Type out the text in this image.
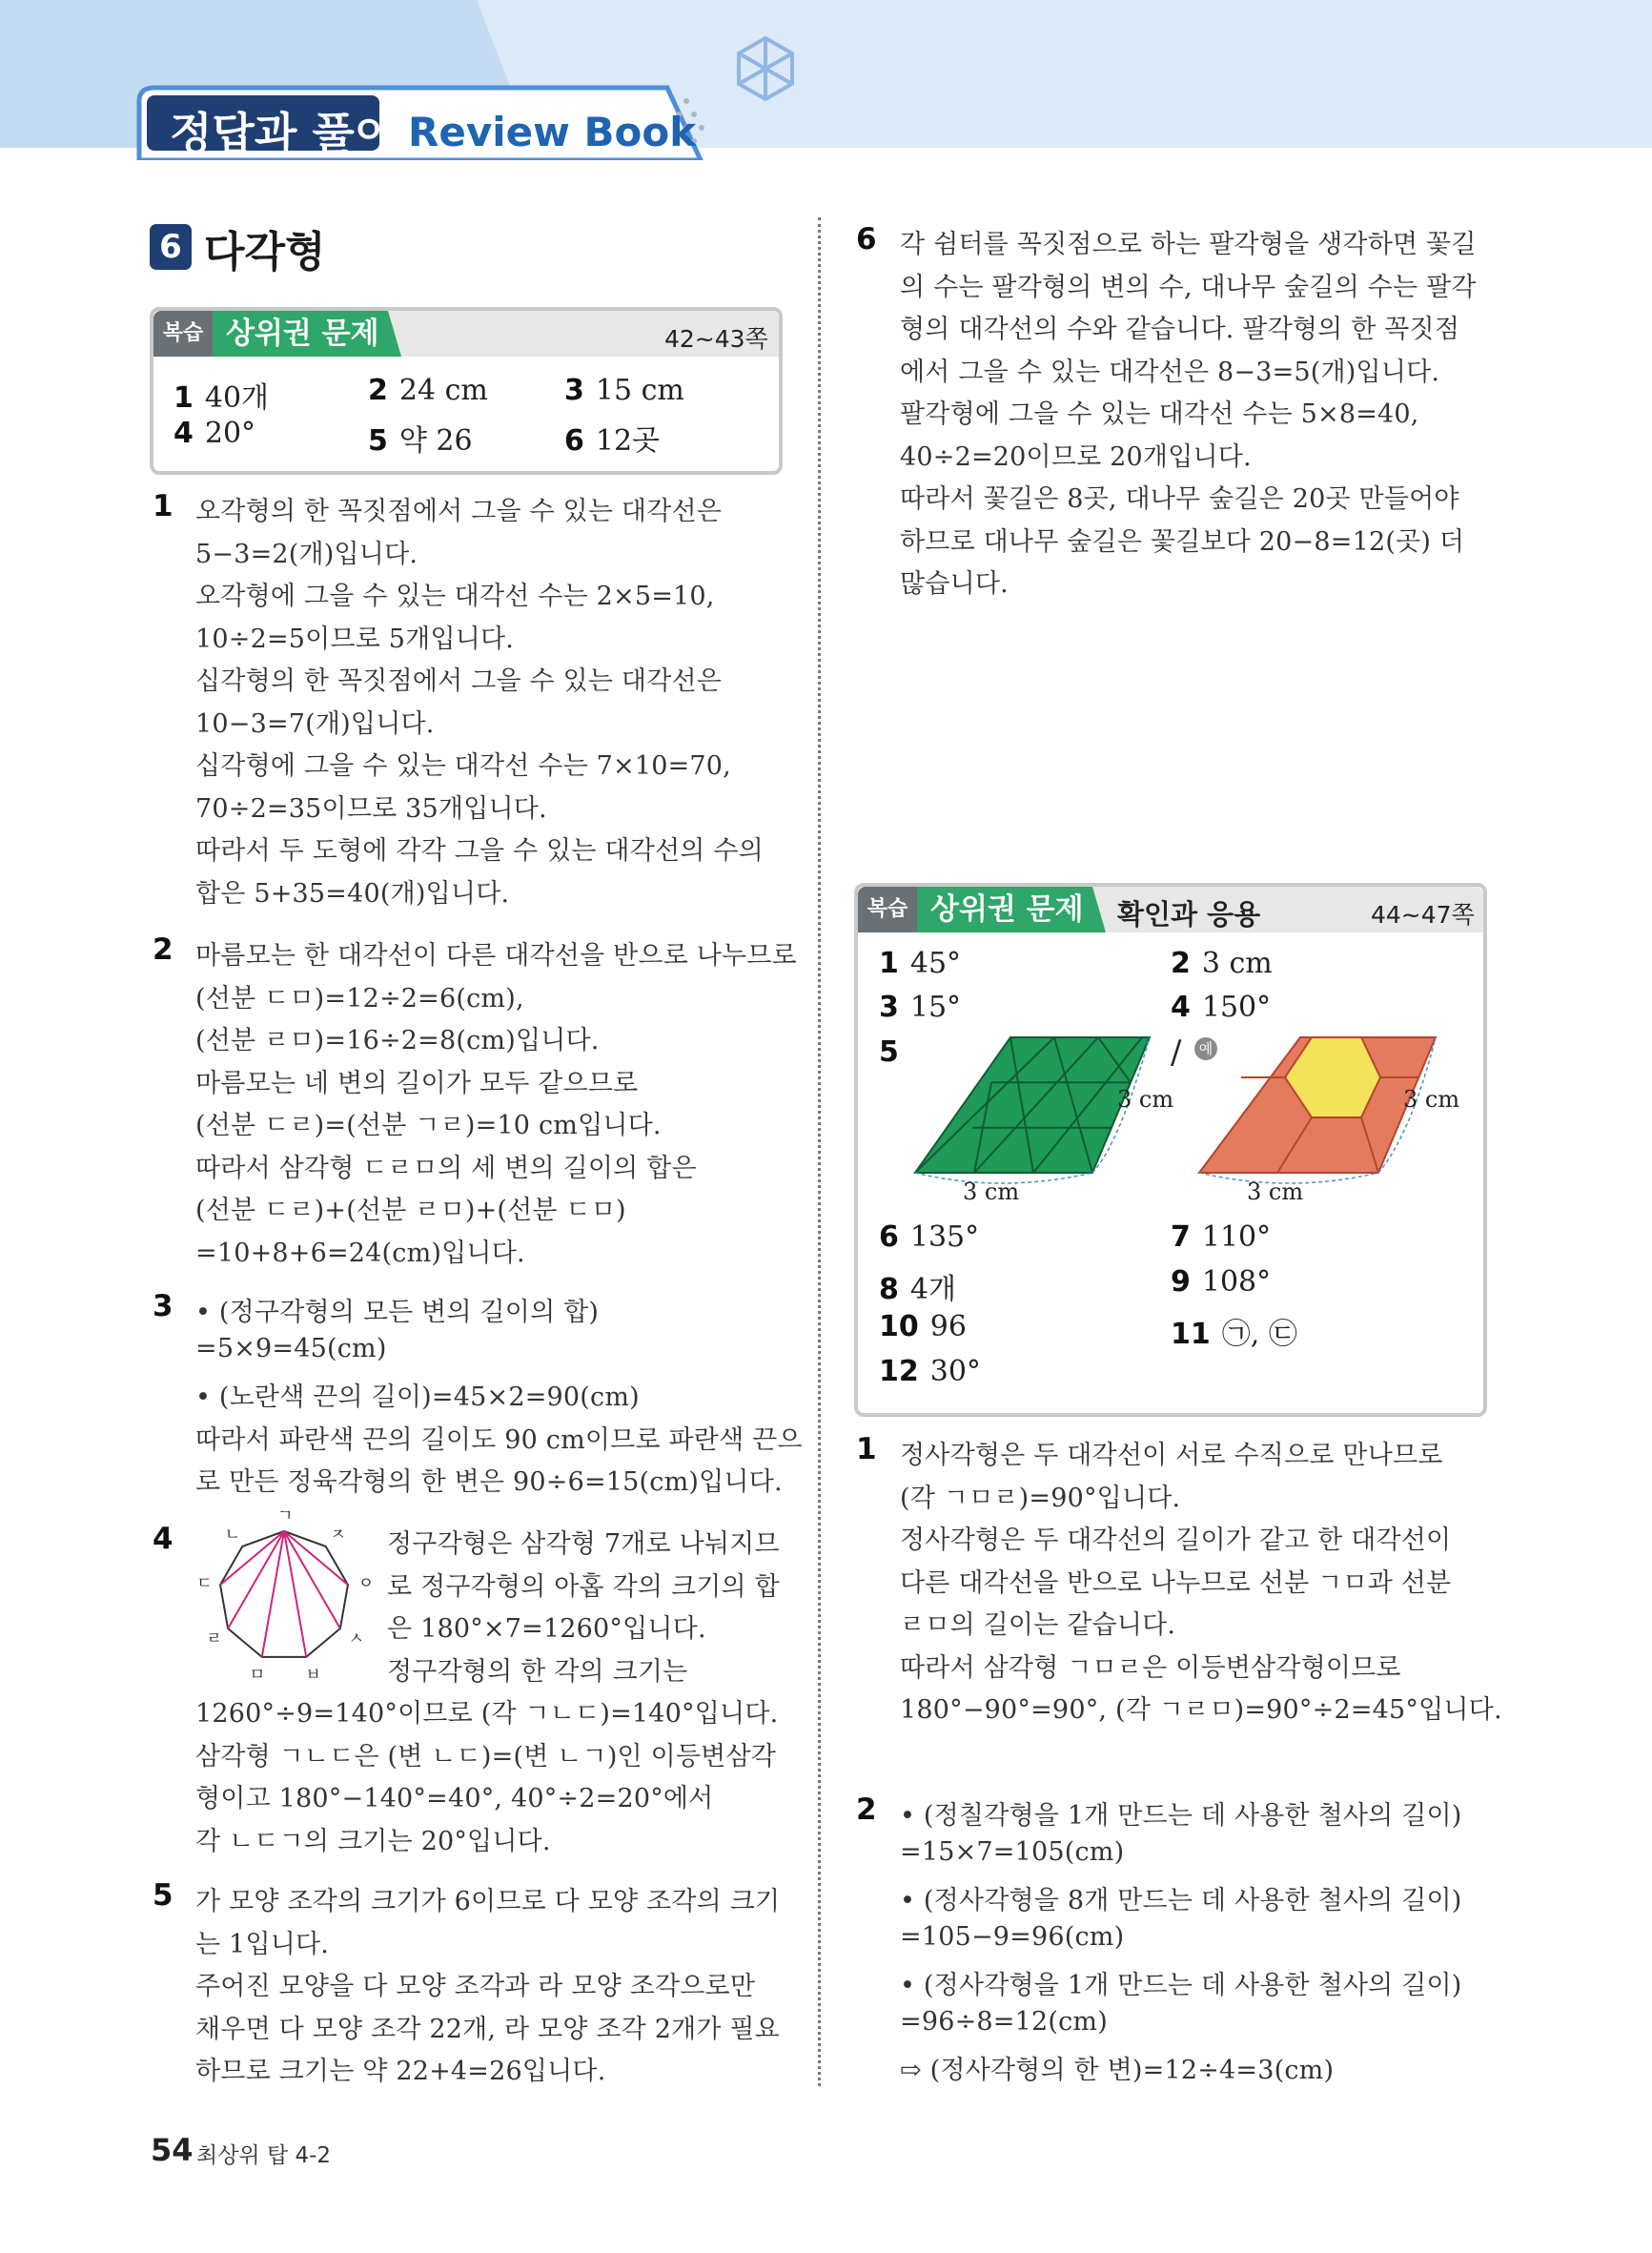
정답과 풀이 Review Book
6 다각형
복습 상위권 문제	42~43쪽
1 40개	2 24 cm	3 15 cm
4 20°	5 약 26	6 12곳
1 오각형의 한 꼭짓점에서 그을 수 있는 대각선은
5−3=2(개)입니다.
오각형에 그을 수 있는 대각선 수는 2×5=10,
10÷2=5이므로 5개입니다.
십각형의 한 꼭짓점에서 그을 수 있는 대각선은
10−3=7(개)입니다.
십각형에 그을 수 있는 대각선 수는 7×10=70,
70÷2=35이므로 35개입니다.
따라서 두 도형에 각각 그을 수 있는 대각선의 수의
합은 5+35=40(개)입니다.
2 마름모는 한 대각선이 다른 대각선을 반으로 나누므로
(선분 ㄷㅁ)=12÷2=6(cm),
(선분 ㄹㅁ)=16÷2=8(cm)입니다.
마름모는 네 변의 길이가 모두 같으므로
(선분 ㄷㄹ)=(선분 ㄱㄹ)=10 cm입니다.
따라서 삼각형 ㄷㄹㅁ의 세 변의 길이의 합은
(선분 ㄷㄹ)+(선분 ㄹㅁ)+(선분 ㄷㅁ)
=10+8+6=24(cm)입니다.
3 • (정구각형의 모든 변의 길이의 합)
=5×9=45(cm)
• (노란색 끈의 길이)=45×2=90(cm)
따라서 파란색 끈의 길이도 90 cm이므로 파란색 끈으
로 만든 정육각형의 한 변은 90÷6=15(cm)입니다.
4
ㄱ
ㄴ
ㄷ
ㄹ
ㅁ ㅂ
ㅅ
ㅇ
ㅈ 정구각형은 삼각형 7개로 나눠지므
로 정구각형의 아홉 각의 크기의 합
은 180°×7=1260°입니다.
정구각형의 한 각의 크기는
1260°÷9=140°이므로 (각 ㄱㄴㄷ)=140°입니다.
삼각형 ㄱㄴㄷ은 (변 ㄴㄷ)=(변 ㄴㄱ)인 이등변삼각
형이고 180°−140°=40°, 40°÷2=20°에서
각 ㄴㄷㄱ의 크기는 20°입니다.
5 가 모양 조각의 크기가 6이므로 다 모양 조각의 크기
는 1입니다.
주어진 모양을 다 모양 조각과 라 모양 조각으로만
채우면 다 모양 조각 22개, 라 모양 조각 2개가 필요
하므로 크기는 약 22+4=26입니다.
6 각 쉼터를 꼭짓점으로 하는 팔각형을 생각하면 꽃길
의 수는 팔각형의 변의 수, 대나무 숲길의 수는 팔각
형의 대각선의 수와 같습니다. 팔각형의 한 꼭짓점
에서 그을 수 있는 대각선은 8−3=5(개)입니다.
팔각형에 그을 수 있는 대각선 수는 5×8=40,
40÷2=20이므로 20개입니다.
따라서 꽃길은 8곳, 대나무 숲길은 20곳 만들어야
하므로 대나무 숲길은 꽃길보다 20−8=12(곳) 더
많습니다.
복습 상위권 문제	확인과 응용	44~47쪽
1 45°	2 3 cm
3 15°	4 150°
5	/	예
3 cm
3 cm
3 cm
3 cm
6 135°	7 110°
8 4개	9 108°
10 96	11 ㉠, ㉢
12 30°
1 정사각형은 두 대각선이 서로 수직으로 만나므로
(각 ㄱㅁㄹ)=90°입니다.
정사각형은 두 대각선의 길이가 같고 한 대각선이
다른 대각선을 반으로 나누므로 선분 ㄱㅁ과 선분
ㄹㅁ의 길이는 같습니다.
따라서 삼각형 ㄱㅁㄹ은 이등변삼각형이므로
180°−90°=90°, (각 ㄱㄹㅁ)=90°÷2=45°입니다.
2 • (정칠각형을 1개 만드는 데 사용한 철사의 길이)
=15×7=105(cm)
• (정사각형을 8개 만드는 데 사용한 철사의 길이)
=105−9=96(cm)
• (정사각형을 1개 만드는 데 사용한 철사의 길이)
=96÷8=12(cm)
⇨ (정사각형의 한 변)=12÷4=3(cm)
54 최상위 탑 4-2
